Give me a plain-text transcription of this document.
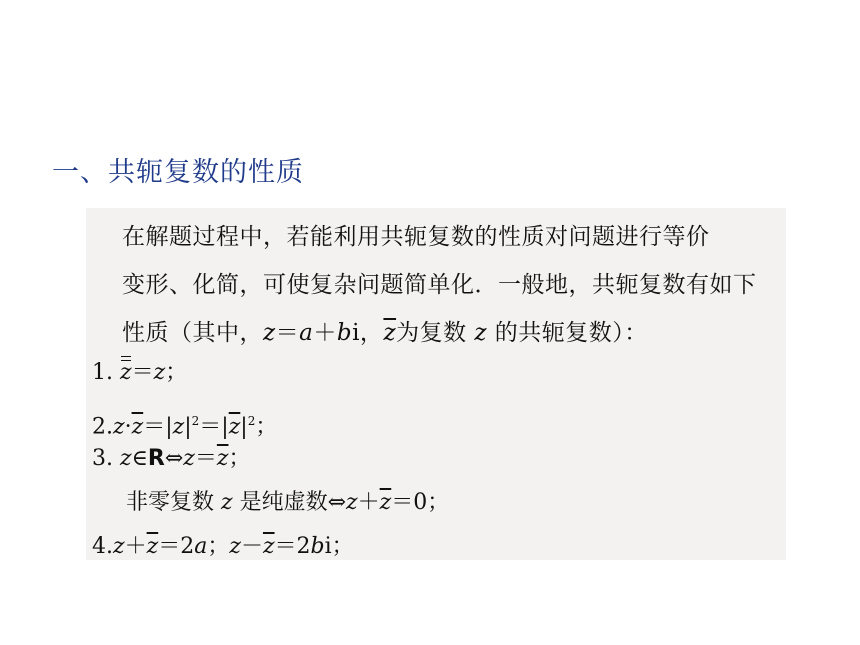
一、共轭复数的性质
在解题过程中，若能利用共轭复数的性质对问题进行等价
变形、化简，可使复杂问题简单化．一般地，共轭复数有如下
性质（其中，z＝a＋bi，$\overline{z}$为复数 z 的共轭复数）：
1. z＝z；
$2.z\cdot\overline{z}=|z|^2=|\overline{z}|^2$；
3. $z\in R\Leftrightarrow z=\overline{z}$；
非零复数 z 是纯虚数$\Leftrightarrow z+\overline{z}=0$；
$4.z+\overline{z}=2a$；$z-\overline{z}=2bi$；
